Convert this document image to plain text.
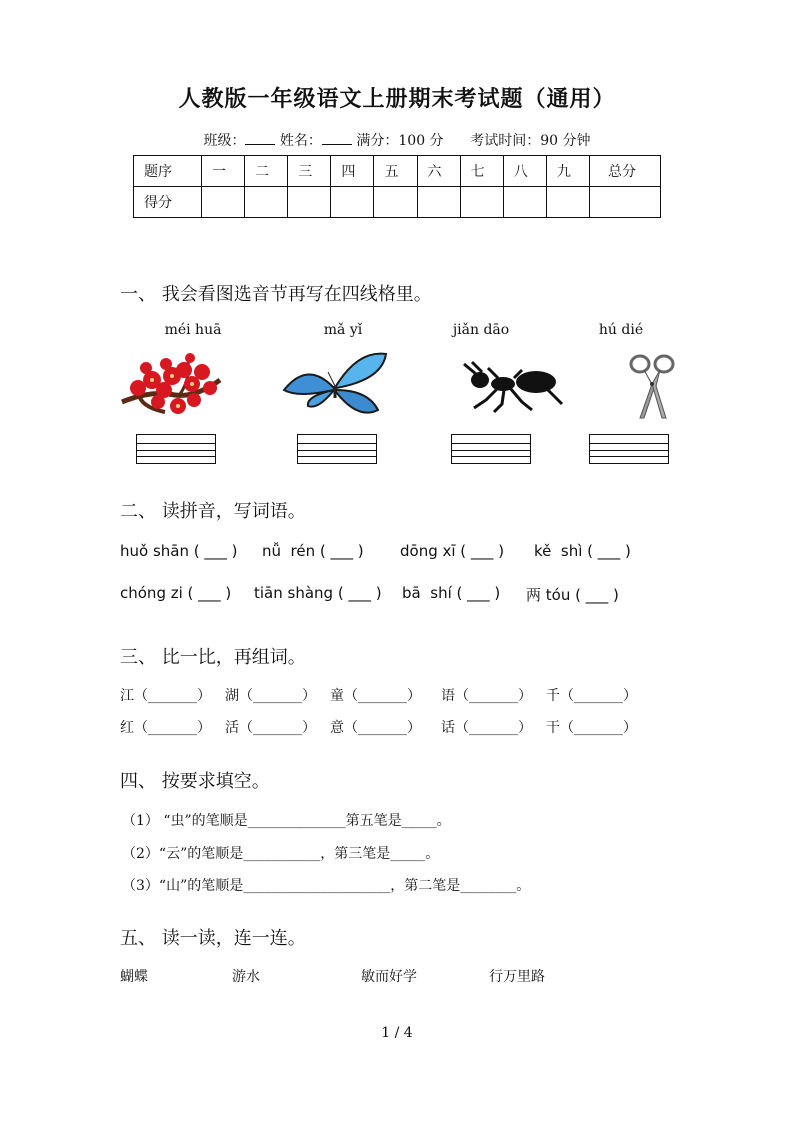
人教版一年级语文上册期末考试题（通用）
班级： 姓名： 满分：100 分 考试时间：90 分钟
题序	一	二	三	四	五	六	七	八	九	总分
得分										
一、 我会看图选音节再写在四线格里。
méi huā	mǎ yǐ	jiǎn dāo	hú dié
二、 读拼音，写词语。
huǒ shān ( ___ ) nǚ  rén ( ___ ) dōng xī ( ___ ) kě  shì ( ___ )
chóng zi ( ___ ) tiān shàng ( ___ ) bā  shí ( ___ ) 两 tóu ( ___ )
三、 比一比，再组词。
江（_______） 湖（_______） 童（_______） 语（_______） 千（_______）
红（_______） 活（_______） 意（_______） 话（_______） 干（_______）
四、 按要求填空。
（1） “虫”的笔顺是______________第五笔是_____。
（2）“云”的笔顺是___________，第三笔是_____。
（3）“山”的笔顺是_____________________，第二笔是________。
五、 读一读，连一连。
蝴蝶	游水	敏而好学	行万里路
1 / 4
